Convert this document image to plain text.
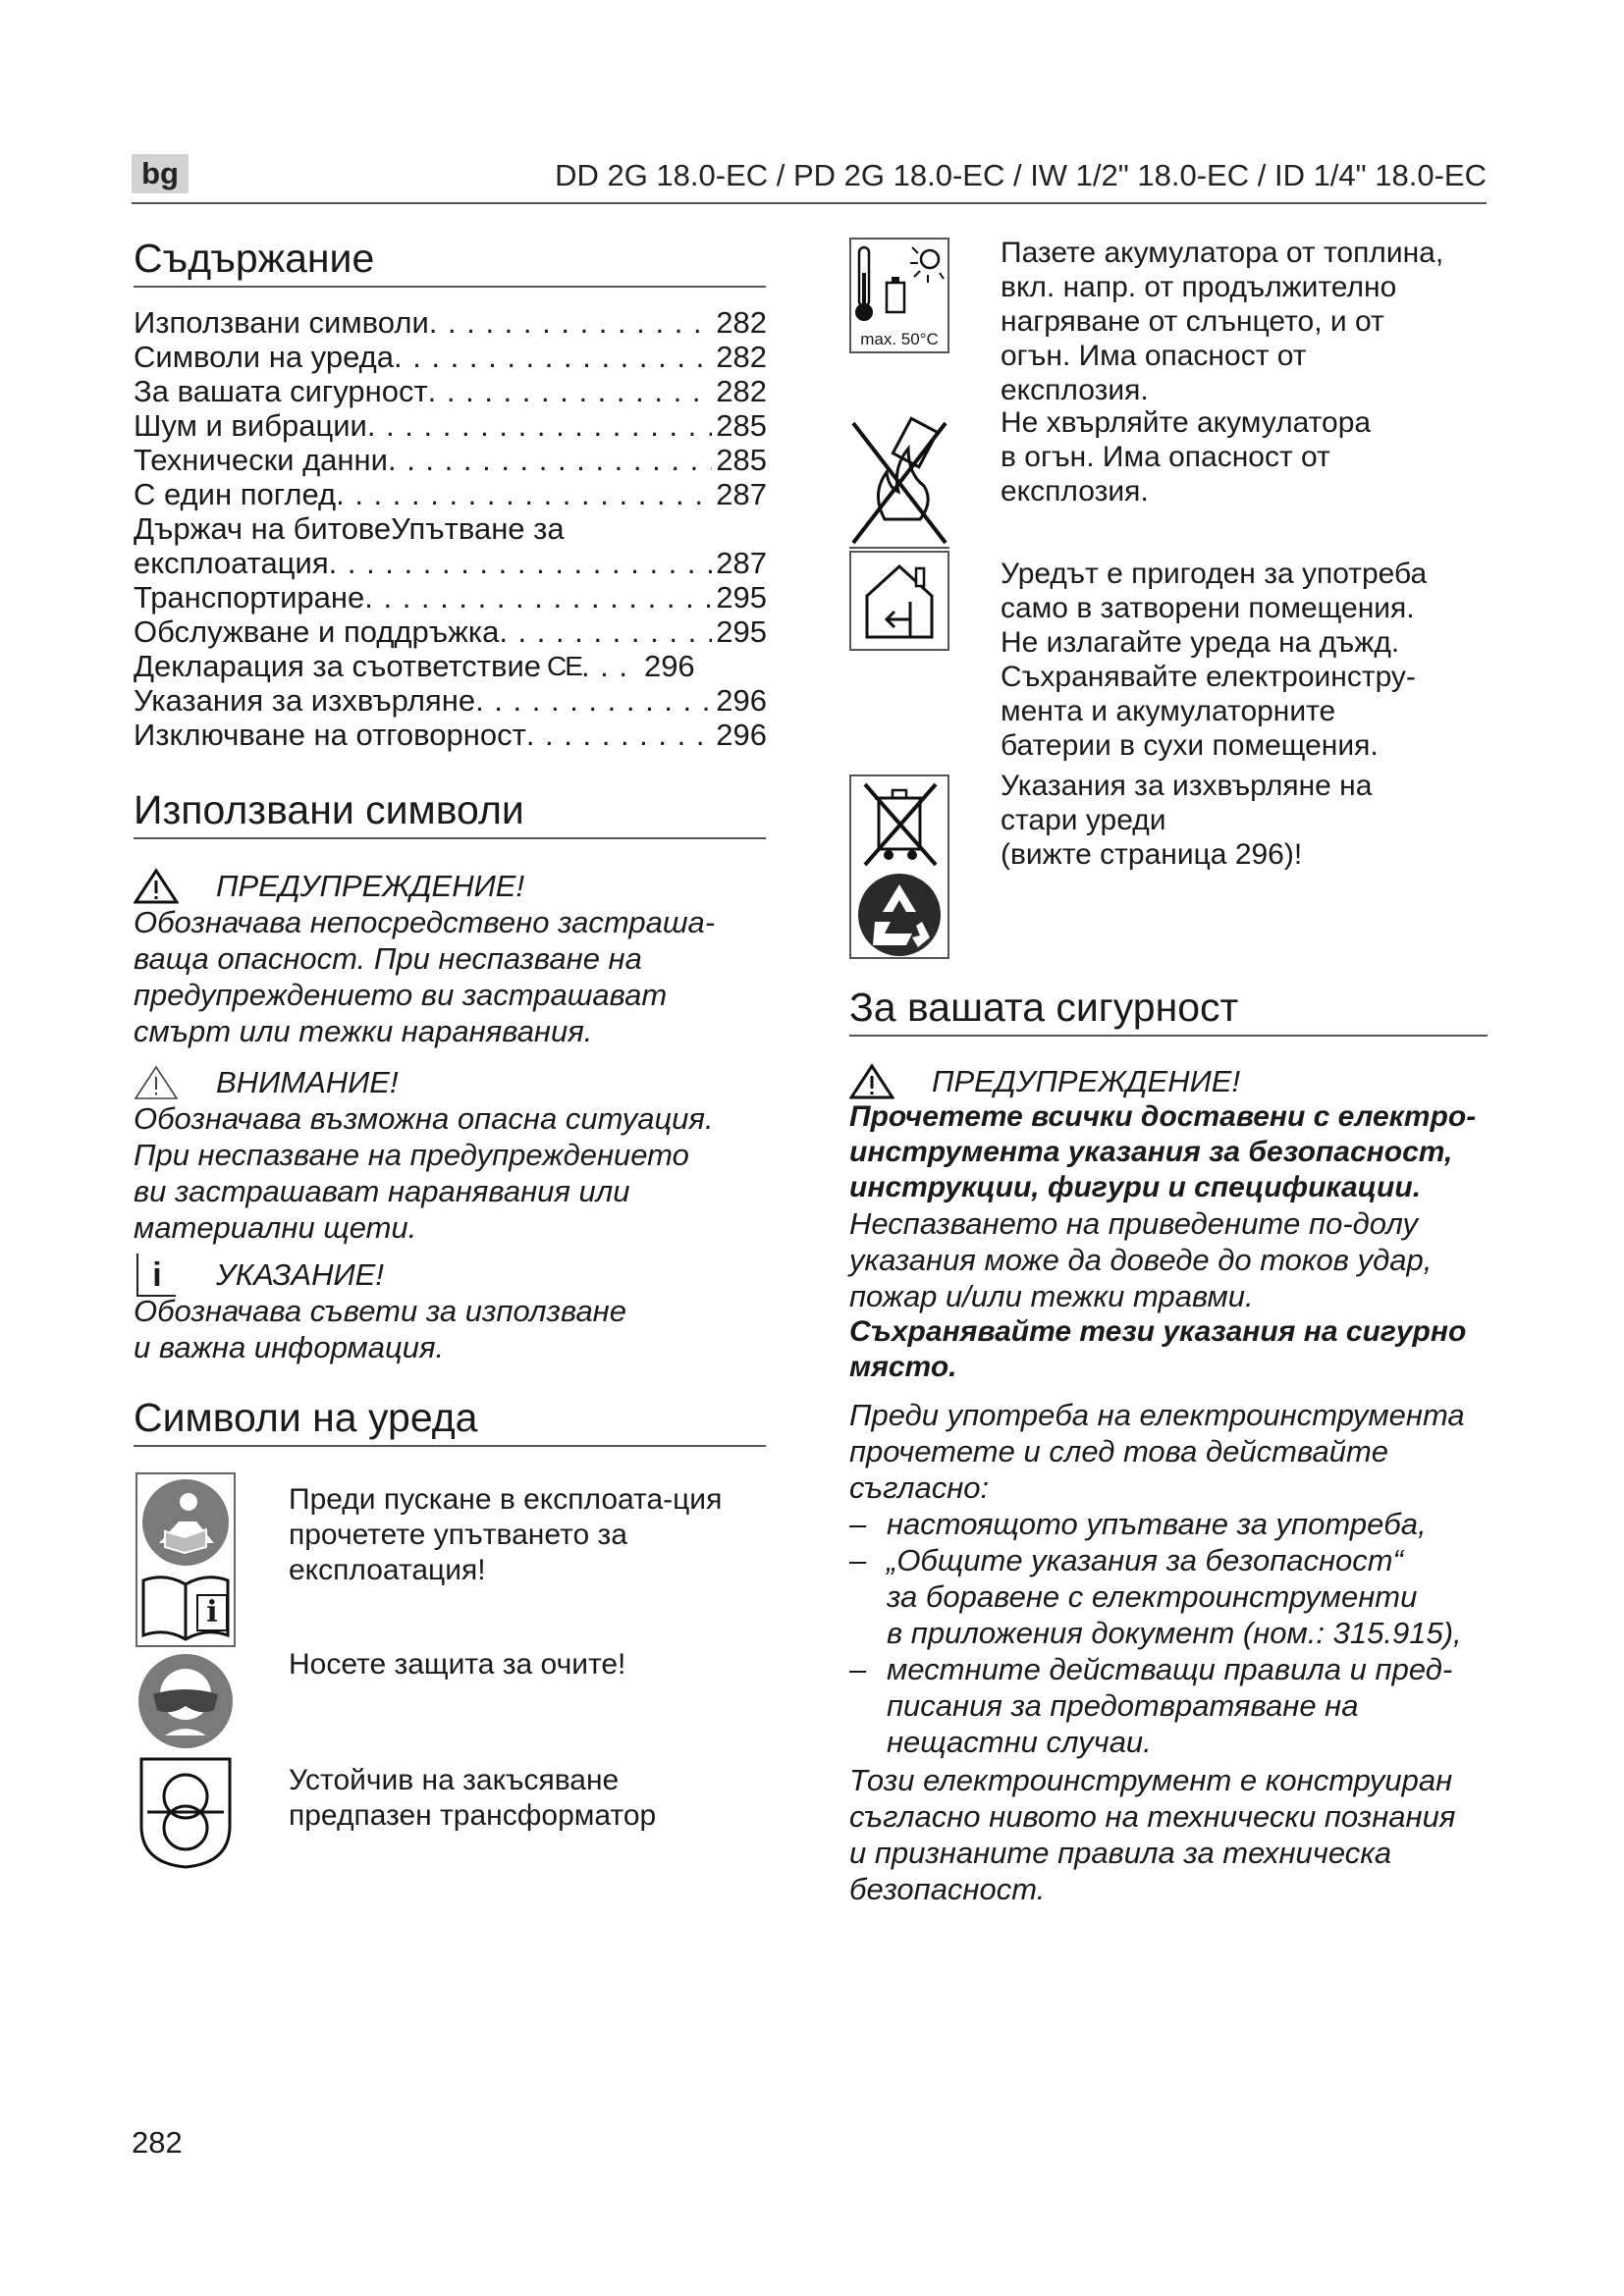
bg	DD 2G 18.0-EC / PD 2G 18.0-EC / IW 1/2" 18.0-EC / ID 1/4" 18.0-EC
Съдържание
Използвани символи . . .	282
Символи на уреда . . .	282
За вашата сигурност . . .	282
Шум и вибрации . . .	285
Технически данни . . .	285
С един поглед . . .	287
Държач на битовеУпътване за
експлоатация . . .	287
Транспортиране . . .	295
Обслужване и поддръжка . . .	295
Декларация за съответствие CE . . . 296
Указания за изхвърляне . . .	296
Изключване на отговорност . . .	296
Използвани символи
ПРЕДУПРЕЖДЕНИЕ!
Обозначава непосредствено застраша-
ваща опасност. При неспазване на
предупреждението ви застрашават
смърт или тежки наранявания.
ВНИМАНИЕ!
Обозначава възможна опасна ситуация.
При неспазване на предупреждението
ви застрашават наранявания или
материални щети.
i	УКАЗАНИЕ!
Обозначава съвети за използване
и важна информация.
Символи на уреда
i
Преди пускане в експлоата-ция
прочетете упътването за
експлоатация!
Носете защита за очите!
Устойчив на закъсяване
предпазен трансформатор
max. 50°C
Пазете акумулатора от топлина,
вкл. напр. от продължително
нагряване от слънцето, и от
огън. Има опасност от
експлозия.
Не хвърляйте акумулатора
в огън. Има опасност от
експлозия.
Уредът е пригоден за употреба
само в затворени помещения.
Не излагайте уреда на дъжд.
Съхранявайте електроинстру-
мента и акумулаторните
батерии в сухи помещения.
Указания за изхвърляне на
стари уреди
(вижте страница 296)!
За вашата сигурност
ПРЕДУПРЕЖДЕНИЕ!
Прочетете всички доставени с електро-
инструмента указания за безопасност,
инструкции, фигури и спецификации.
Неспазването на приведените по-долу
указания може да доведе до токов удар,
пожар и/или тежки травми.
Съхранявайте тези указания на сигурно
място.
Преди употреба на електроинструмента
прочетете и след това действайте
съгласно:
– настоящото упътване за употреба,
– „Общите указания за безопасност“
за боравене с електроинструменти
в приложения документ (ном.: 315.915),
– местните действащи правила и пред-
писания за предотвратяване на
нещастни случаи.
Този електроинструмент е конструиран
съгласно нивото на технически познания
и признаните правила за техническа
безопасност.
282
